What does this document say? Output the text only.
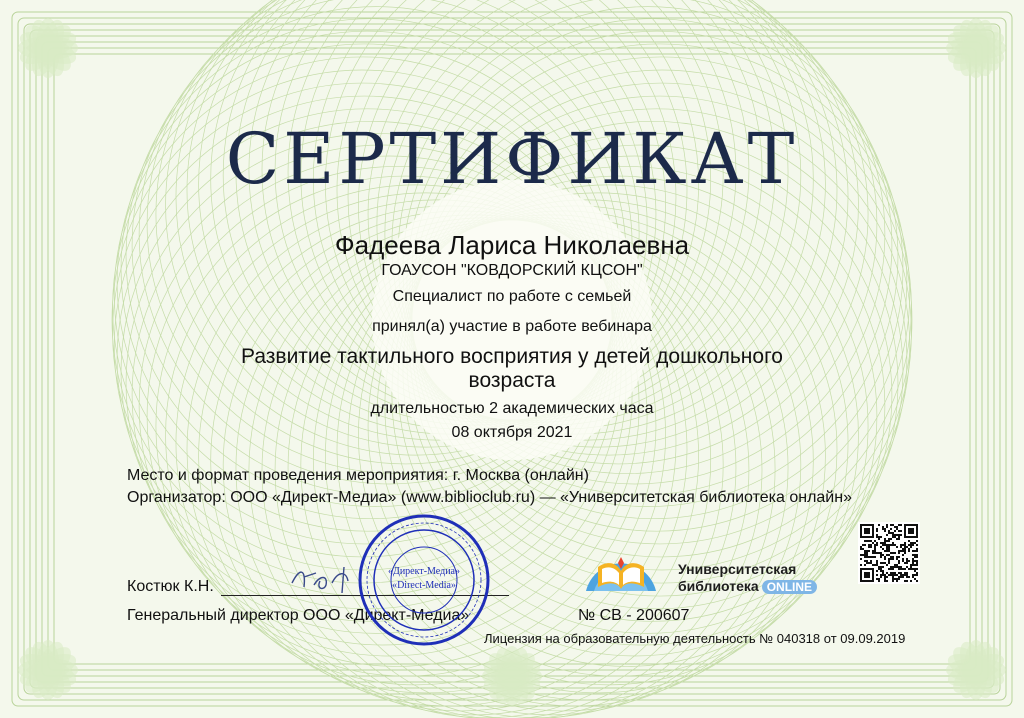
СЕРТИФИКАТ
Фадеева Лариса Николаевна
ГОАУСОН "КОВДОРСКИЙ КЦСОН"
Специалист по работе с семьей
принял(а) участие в работе вебинара
Развитие тактильного восприятия у детей дошкольного возраста
длительностью 2 академических часа
08 октября 2021
Место и формат проведения мероприятия: г. Москва (онлайн)
Организатор: ООО «Директ-Медиа» (www.biblioclub.ru) — «Университетская библиотека онлайн»
Костюк К.Н.
Генеральный директор ООО «Директ-Медиа»
«Директ-Медиа»
«Direct-Media»
Университетская
библиотека ONLINE
№ СВ - 200607
Лицензия на образовательную деятельность № 040318 от 09.09.2019
